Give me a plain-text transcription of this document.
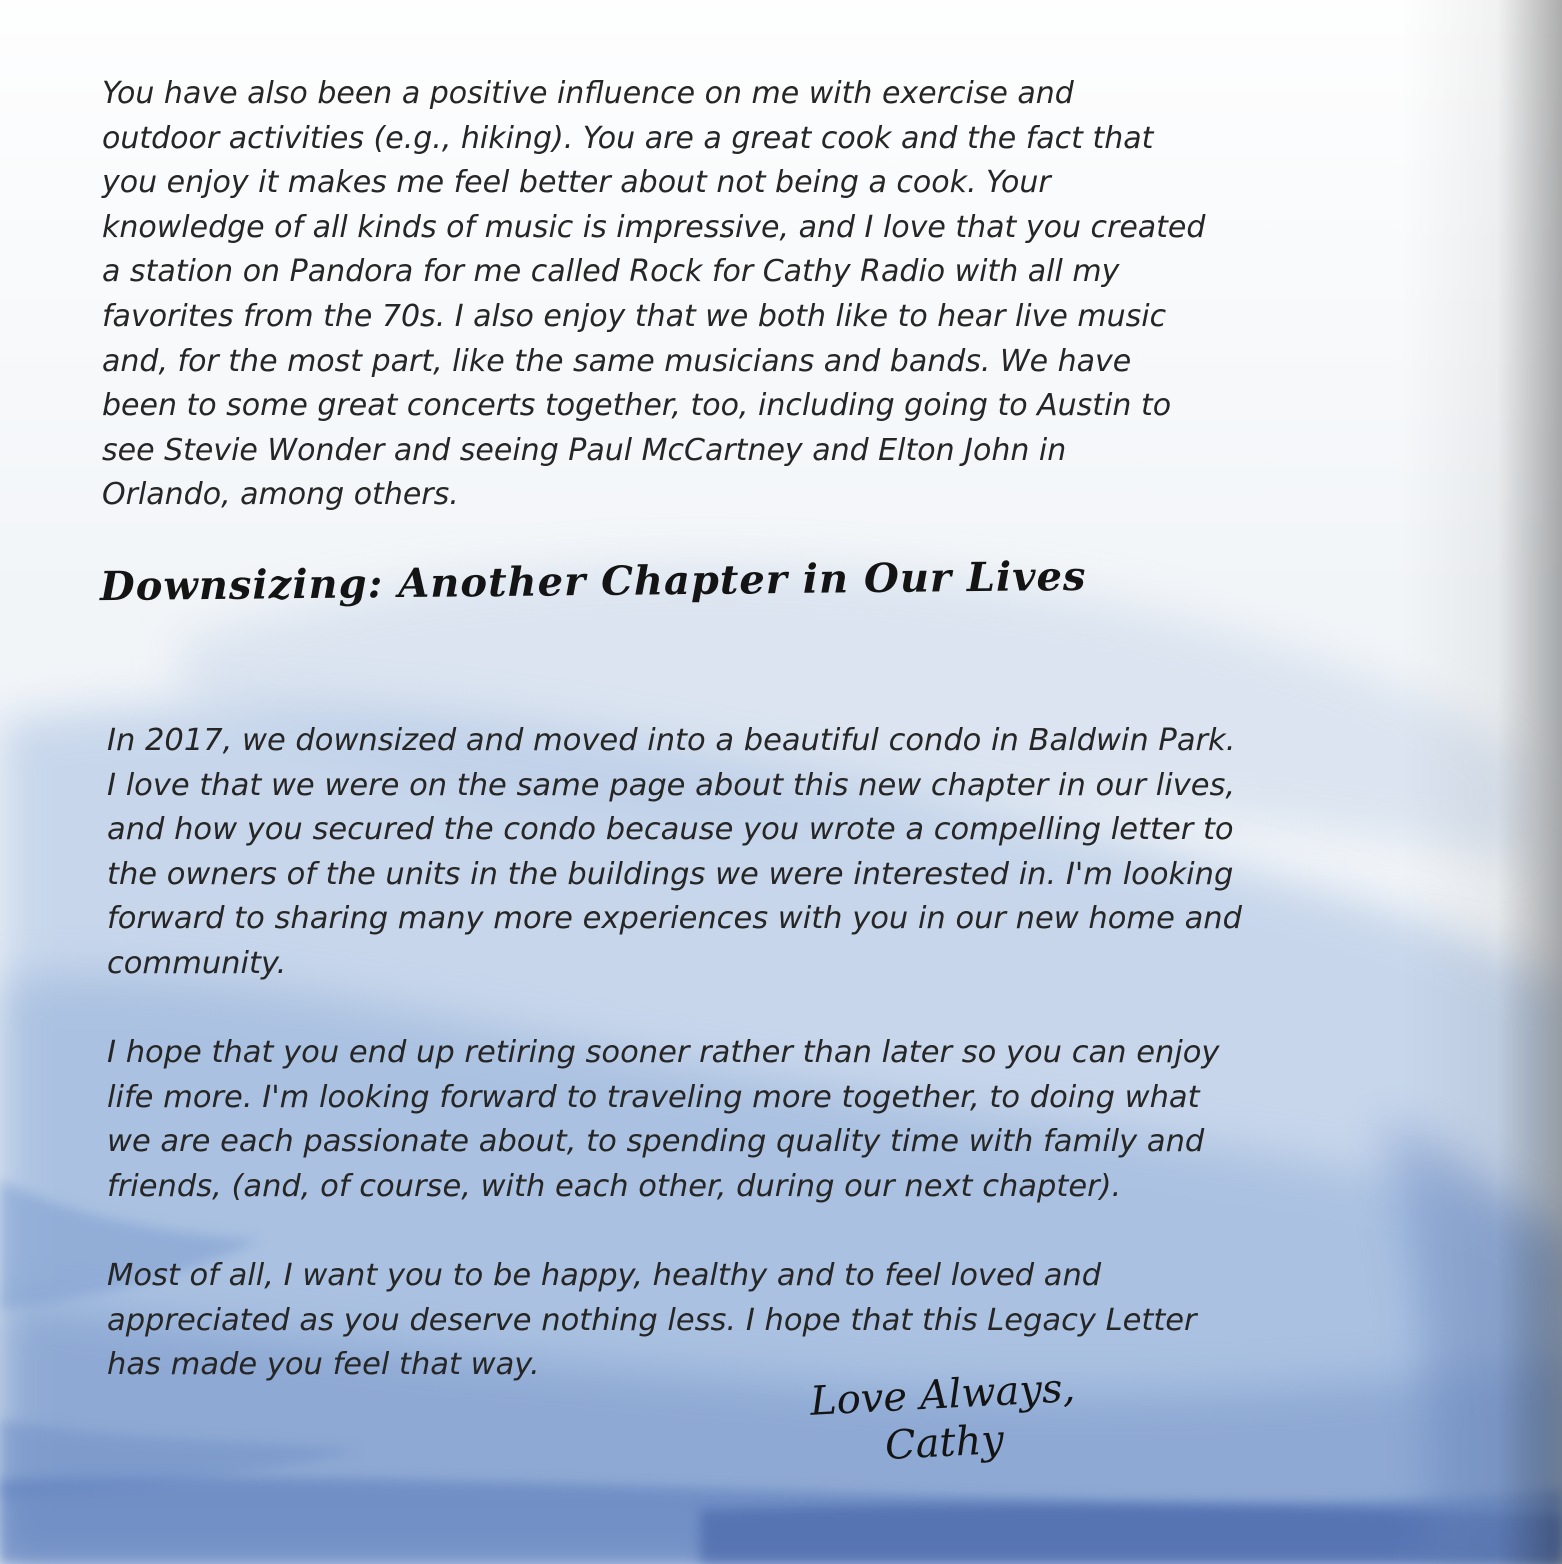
You have also been a positive influence on me with exercise and
outdoor activities (e.g., hiking). You are a great cook and the fact that
you enjoy it makes me feel better about not being a cook. Your
knowledge of all kinds of music is impressive, and I love that you created
a station on Pandora for me called Rock for Cathy Radio with all my
favorites from the 70s. I also enjoy that we both like to hear live music
and, for the most part, like the same musicians and bands. We have
been to some great concerts together, too, including going to Austin to
see Stevie Wonder and seeing Paul McCartney and Elton John in
Orlando, among others.

Downsizing: Another Chapter in Our Lives

In 2017, we downsized and moved into a beautiful condo in Baldwin Park.
I love that we were on the same page about this new chapter in our lives,
and how you secured the condo because you wrote a compelling letter to
the owners of the units in the buildings we were interested in. I'm looking
forward to sharing many more experiences with you in our new home and
community.

I hope that you end up retiring sooner rather than later so you can enjoy
life more. I'm looking forward to traveling more together, to doing what
we are each passionate about, to spending quality time with family and
friends, (and, of course, with each other, during our next chapter).

Most of all, I want you to be happy, healthy and to feel loved and
appreciated as you deserve nothing less. I hope that this Legacy Letter
has made you feel that way.

Love Always,
Cathy
